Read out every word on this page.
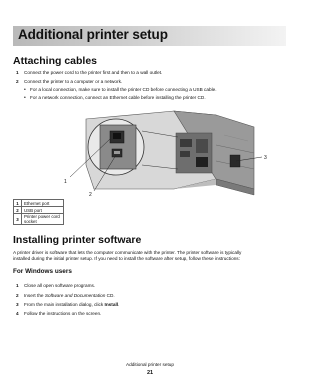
Additional printer setup
Attaching cables
1 Connect the power cord to the printer first and then to a wall outlet.
2 Connect the printer to a computer or a network.
• For a local connection, make sure to install the printer CD before connecting a USB cable.
• For a network connection, connect an Ethernet cable before installing the printer CD.
1
2
3
1	Ethernet port
2	USB port
3	Printer power cord socket
Installing printer software
A printer driver is software that lets the computer communicate with the printer. The printer software is typically
installed during the initial printer setup. If you need to install the software after setup, follow these instructions:
For Windows users
1 Close all open software programs.
2 Insert the Software and Documentation CD.
3 From the main installation dialog, click Install.
4 Follow the instructions on the screen.
Additional printer setup
21
